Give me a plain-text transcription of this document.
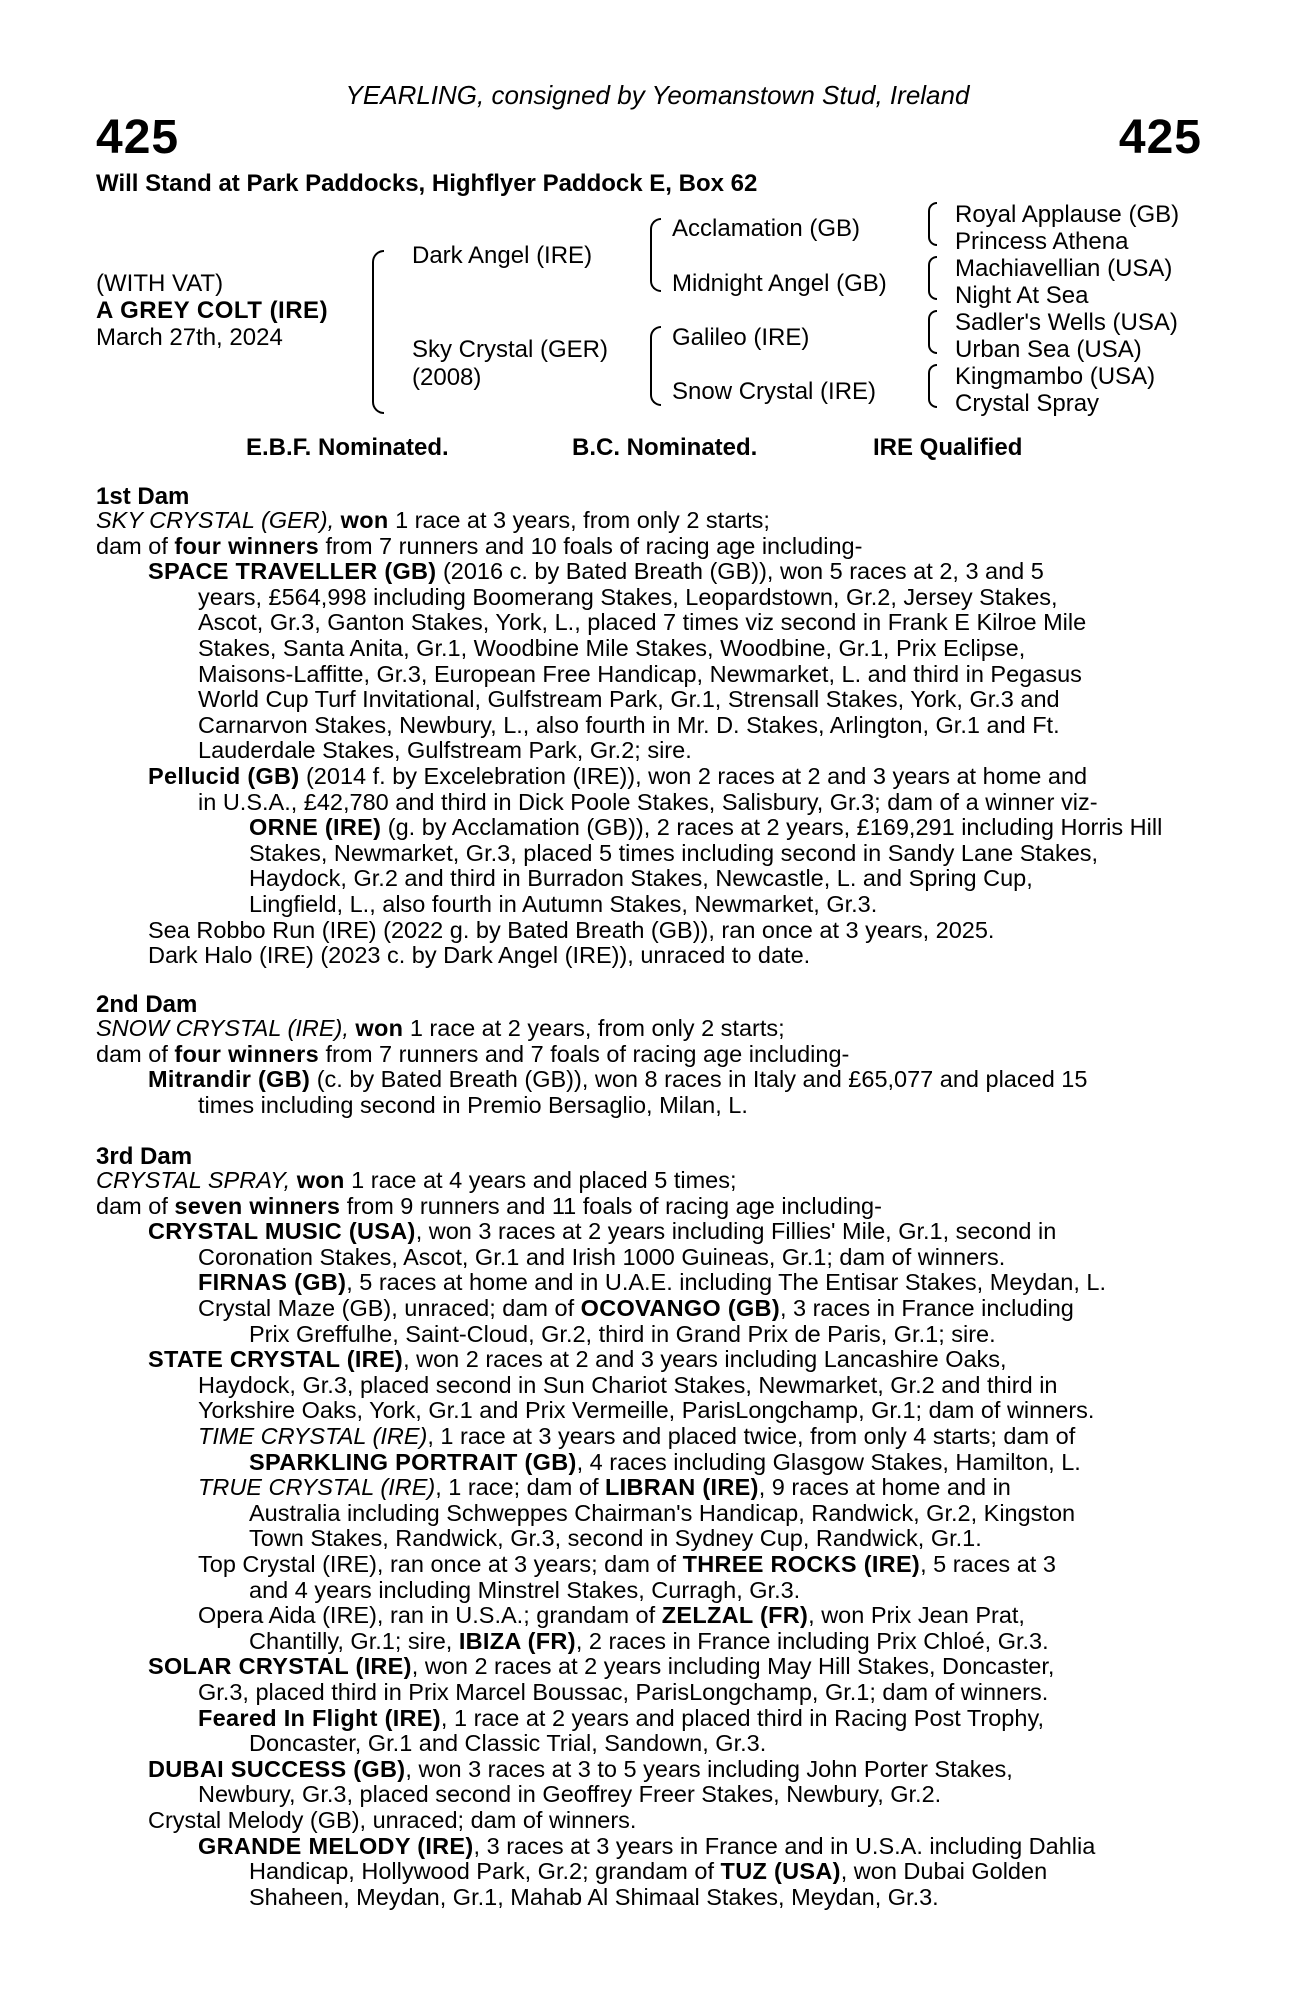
YEARLING, consigned by Yeomanstown Stud, Ireland
425	425
Will Stand at Park Paddocks, Highflyer Paddock E, Box 62
(WITH VAT)
A GREY COLT (IRE)
March 27th, 2024
Dark Angel (IRE)
Sky Crystal (GER)
(2008)
Acclamation (GB)
Midnight Angel (GB)
Galileo (IRE)
Snow Crystal (IRE)
Royal Applause (GB)
Princess Athena
Machiavellian (USA)
Night At Sea
Sadler's Wells (USA)
Urban Sea (USA)
Kingmambo (USA)
Crystal Spray
E.B.F. Nominated.	B.C. Nominated.	IRE Qualified
1st Dam
SKY CRYSTAL (GER), won 1 race at 3 years, from only 2 starts;
dam of four winners from 7 runners and 10 foals of racing age including-
SPACE TRAVELLER (GB) (2016 c. by Bated Breath (GB)), won 5 races at 2, 3 and 5
years, £564,998 including Boomerang Stakes, Leopardstown, Gr.2, Jersey Stakes,
Ascot, Gr.3, Ganton Stakes, York, L., placed 7 times viz second in Frank E Kilroe Mile
Stakes, Santa Anita, Gr.1, Woodbine Mile Stakes, Woodbine, Gr.1, Prix Eclipse,
Maisons-Laffitte, Gr.3, European Free Handicap, Newmarket, L. and third in Pegasus
World Cup Turf Invitational, Gulfstream Park, Gr.1, Strensall Stakes, York, Gr.3 and
Carnarvon Stakes, Newbury, L., also fourth in Mr. D. Stakes, Arlington, Gr.1 and Ft.
Lauderdale Stakes, Gulfstream Park, Gr.2; sire.
Pellucid (GB) (2014 f. by Excelebration (IRE)), won 2 races at 2 and 3 years at home and
in U.S.A., £42,780 and third in Dick Poole Stakes, Salisbury, Gr.3; dam of a winner viz-
ORNE (IRE) (g. by Acclamation (GB)), 2 races at 2 years, £169,291 including Horris Hill
Stakes, Newmarket, Gr.3, placed 5 times including second in Sandy Lane Stakes,
Haydock, Gr.2 and third in Burradon Stakes, Newcastle, L. and Spring Cup,
Lingfield, L., also fourth in Autumn Stakes, Newmarket, Gr.3.
Sea Robbo Run (IRE) (2022 g. by Bated Breath (GB)), ran once at 3 years, 2025.
Dark Halo (IRE) (2023 c. by Dark Angel (IRE)), unraced to date.
2nd Dam
SNOW CRYSTAL (IRE), won 1 race at 2 years, from only 2 starts;
dam of four winners from 7 runners and 7 foals of racing age including-
Mitrandir (GB) (c. by Bated Breath (GB)), won 8 races in Italy and £65,077 and placed 15
times including second in Premio Bersaglio, Milan, L.
3rd Dam
CRYSTAL SPRAY, won 1 race at 4 years and placed 5 times;
dam of seven winners from 9 runners and 11 foals of racing age including-
CRYSTAL MUSIC (USA), won 3 races at 2 years including Fillies' Mile, Gr.1, second in
Coronation Stakes, Ascot, Gr.1 and Irish 1000 Guineas, Gr.1; dam of winners.
FIRNAS (GB), 5 races at home and in U.A.E. including The Entisar Stakes, Meydan, L.
Crystal Maze (GB), unraced; dam of OCOVANGO (GB), 3 races in France including
Prix Greffulhe, Saint-Cloud, Gr.2, third in Grand Prix de Paris, Gr.1; sire.
STATE CRYSTAL (IRE), won 2 races at 2 and 3 years including Lancashire Oaks,
Haydock, Gr.3, placed second in Sun Chariot Stakes, Newmarket, Gr.2 and third in
Yorkshire Oaks, York, Gr.1 and Prix Vermeille, ParisLongchamp, Gr.1; dam of winners.
TIME CRYSTAL (IRE), 1 race at 3 years and placed twice, from only 4 starts; dam of
SPARKLING PORTRAIT (GB), 4 races including Glasgow Stakes, Hamilton, L.
TRUE CRYSTAL (IRE), 1 race; dam of LIBRAN (IRE), 9 races at home and in
Australia including Schweppes Chairman's Handicap, Randwick, Gr.2, Kingston
Town Stakes, Randwick, Gr.3, second in Sydney Cup, Randwick, Gr.1.
Top Crystal (IRE), ran once at 3 years; dam of THREE ROCKS (IRE), 5 races at 3
and 4 years including Minstrel Stakes, Curragh, Gr.3.
Opera Aida (IRE), ran in U.S.A.; grandam of ZELZAL (FR), won Prix Jean Prat,
Chantilly, Gr.1; sire, IBIZA (FR), 2 races in France including Prix Chloé, Gr.3.
SOLAR CRYSTAL (IRE), won 2 races at 2 years including May Hill Stakes, Doncaster,
Gr.3, placed third in Prix Marcel Boussac, ParisLongchamp, Gr.1; dam of winners.
Feared In Flight (IRE), 1 race at 2 years and placed third in Racing Post Trophy,
Doncaster, Gr.1 and Classic Trial, Sandown, Gr.3.
DUBAI SUCCESS (GB), won 3 races at 3 to 5 years including John Porter Stakes,
Newbury, Gr.3, placed second in Geoffrey Freer Stakes, Newbury, Gr.2.
Crystal Melody (GB), unraced; dam of winners.
GRANDE MELODY (IRE), 3 races at 3 years in France and in U.S.A. including Dahlia
Handicap, Hollywood Park, Gr.2; grandam of TUZ (USA), won Dubai Golden
Shaheen, Meydan, Gr.1, Mahab Al Shimaal Stakes, Meydan, Gr.3.
